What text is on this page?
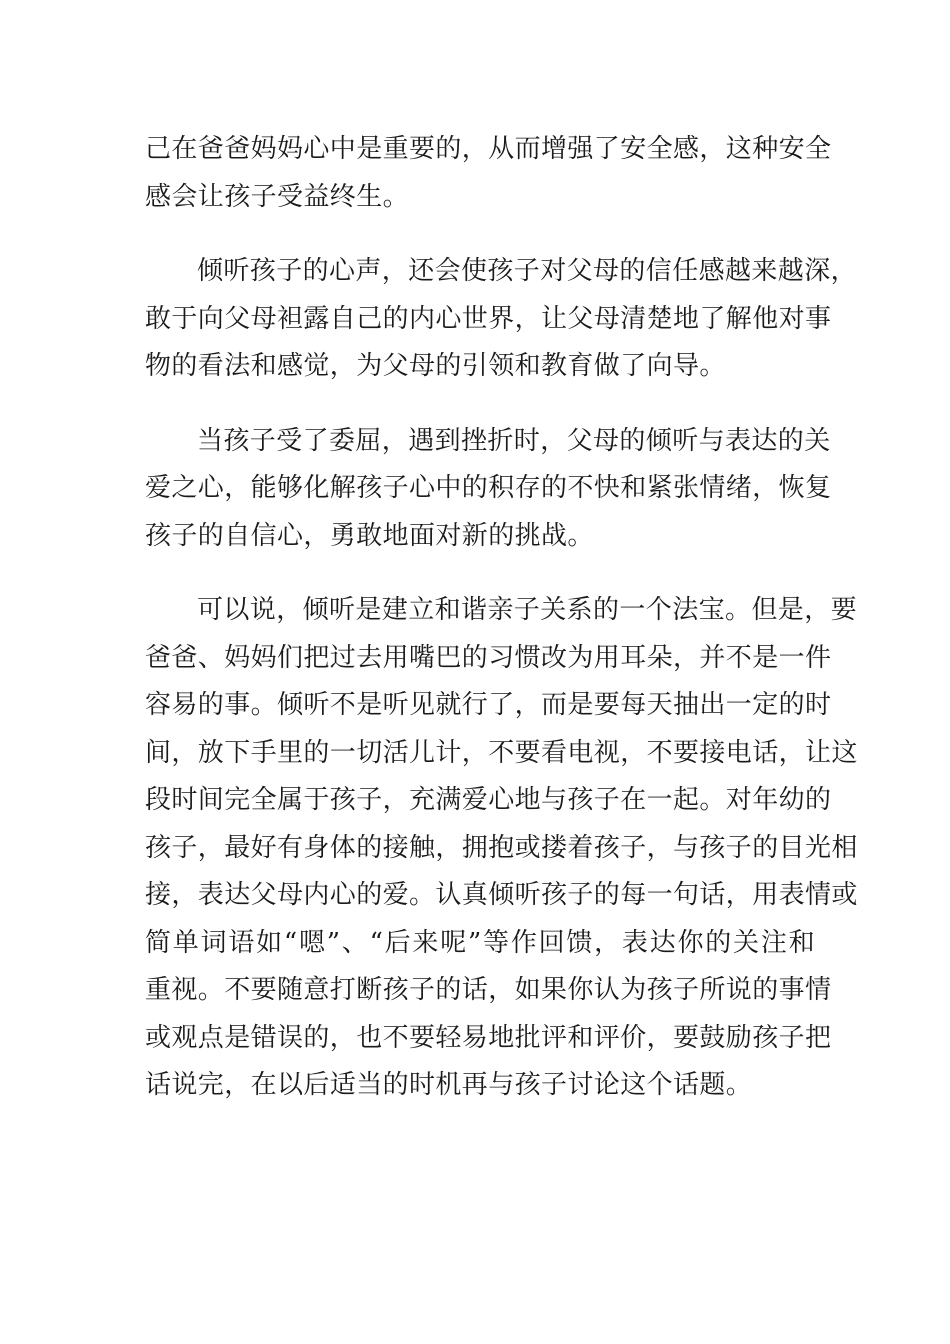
己在爸爸妈妈心中是重要的，从而增强了安全感，这种安全
感会让孩子受益终生。
倾听孩子的心声，还会使孩子对父母的信任感越来越深，
敢于向父母袒露自己的内心世界，让父母清楚地了解他对事
物的看法和感觉，为父母的引领和教育做了向导。
当孩子受了委屈，遇到挫折时，父母的倾听与表达的关
爱之心，能够化解孩子心中的积存的不快和紧张情绪，恢复
孩子的自信心，勇敢地面对新的挑战。
可以说，倾听是建立和谐亲子关系的一个法宝。但是，要
爸爸、妈妈们把过去用嘴巴的习惯改为用耳朵，并不是一件
容易的事。倾听不是听见就行了，而是要每天抽出一定的时
间，放下手里的一切活儿计，不要看电视，不要接电话，让这
段时间完全属于孩子，充满爱心地与孩子在一起。对年幼的
孩子，最好有身体的接触，拥抱或搂着孩子，与孩子的目光相
接，表达父母内心的爱。认真倾听孩子的每一句话，用表情或
简单词语如“嗯”、“后来呢”等作回馈，表达你的关注和
重视。不要随意打断孩子的话，如果你认为孩子所说的事情
或观点是错误的，也不要轻易地批评和评价，要鼓励孩子把
话说完，在以后适当的时机再与孩子讨论这个话题。
